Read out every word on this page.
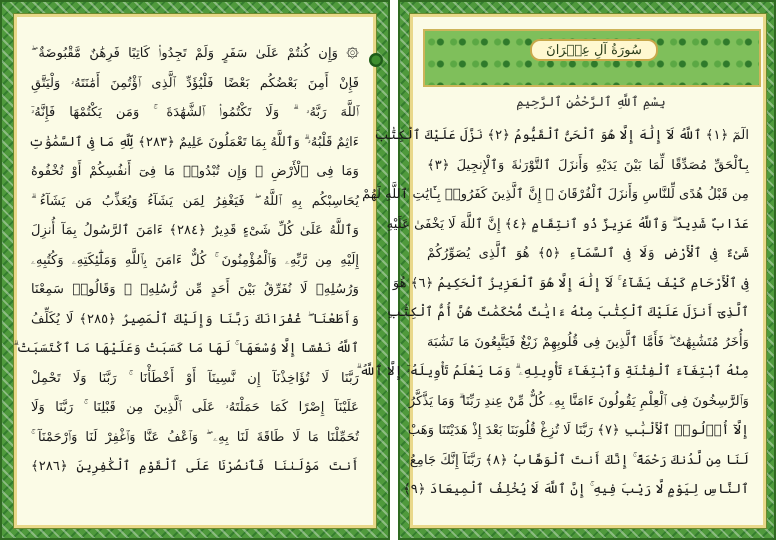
۞ وَإِن كُنتُمْ عَلَىٰ سَفَرٍ وَلَمْ تَجِدُوا۟ كَاتِبًا فَرِهَٰنٌ مَّقْبُوضَةٌ ۖ
فَإِنْ أَمِنَ بَعْضُكُم بَعْضًا فَلْيُؤَدِّ ٱلَّذِى ٱؤْتُمِنَ أَمَٰنَتَهُۥ وَلْيَتَّقِ
ٱللَّهَ رَبَّهُۥ ۗ وَلَا تَكْتُمُوا۟ ٱلشَّهَٰدَةَ ۚ وَمَن يَكْتُمْهَا فَإِنَّهُۥٓ
ءَاثِمٌ قَلْبُهُۥ ۗ وَٱللَّهُ بِمَا تَعْمَلُونَ عَلِيمٌ ﴿٢٨٣﴾ لِّلَّهِ مَا فِى ٱلسَّمَٰوَٰتِ
وَمَا فِى ٱلْأَرْضِ ۗ وَإِن تُبْدُوا۟ مَا فِىٓ أَنفُسِكُمْ أَوْ تُخْفُوهُ
يُحَاسِبْكُم بِهِ ٱللَّهُ ۖ فَيَغْفِرُ لِمَن يَشَآءُ وَيُعَذِّبُ مَن يَشَآءُ ۗ
وَٱللَّهُ عَلَىٰ كُلِّ شَىْءٍ قَدِيرٌ ﴿٢٨٤﴾ ءَامَنَ ٱلرَّسُولُ بِمَآ أُنزِلَ
إِلَيْهِ مِن رَّبِّهِۦ وَٱلْمُؤْمِنُونَ ۚ كُلٌّ ءَامَنَ بِٱللَّهِ وَمَلَٰٓئِكَتِهِۦ وَكُتُبِهِۦ
وَرُسُلِهِۦ لَا نُفَرِّقُ بَيْنَ أَحَدٍ مِّن رُّسُلِهِۦ ۚ وَقَالُوا۟ سَمِعْنَا
وَأَطَعْنَا ۖ غُفْرَانَكَ رَبَّنَا وَإِلَيْكَ ٱلْمَصِيرُ ﴿٢٨٥﴾ لَا يُكَلِّفُ
ٱللَّهُ نَفْسًا إِلَّا وُسْعَهَا ۚ لَهَا مَا كَسَبَتْ وَعَلَيْهَا مَا ٱكْتَسَبَتْ ۗ
رَبَّنَا لَا تُؤَاخِذْنَآ إِن نَّسِينَآ أَوْ أَخْطَأْنَا ۚ رَبَّنَا وَلَا تَحْمِلْ
عَلَيْنَآ إِصْرًا كَمَا حَمَلْتَهُۥ عَلَى ٱلَّذِينَ مِن قَبْلِنَا ۚ رَبَّنَا وَلَا
تُحَمِّلْنَا مَا لَا طَاقَةَ لَنَا بِهِۦ ۖ وَٱعْفُ عَنَّا وَٱغْفِرْ لَنَا وَٱرْحَمْنَآ ۚ
أَنتَ مَوْلَىٰنَا فَٱنصُرْنَا عَلَى ٱلْقَوْمِ ٱلْكَٰفِرِينَ ﴿٢٨٦﴾
سُورَةُ آلِ عِمۡرَانَ
بِسْمِ ٱللَّهِ ٱلرَّحْمَٰنِ ٱلرَّحِيمِ
الٓمٓ ﴿١﴾ ٱللَّهُ لَآ إِلَٰهَ إِلَّا هُوَ ٱلْحَىُّ ٱلْقَيُّومُ ﴿٢﴾ نَزَّلَ عَلَيْكَ ٱلْكِتَٰبَ
بِٱلْحَقِّ مُصَدِّقًا لِّمَا بَيْنَ يَدَيْهِ وَأَنزَلَ ٱلتَّوْرَىٰةَ وَٱلْإِنجِيلَ ﴿٣﴾
مِن قَبْلُ هُدًى لِّلنَّاسِ وَأَنزَلَ ٱلْفُرْقَانَ ۗ إِنَّ ٱلَّذِينَ كَفَرُوا۟ بِـَٔايَٰتِ ٱللَّهِ لَهُمْ
عَذَابٌ شَدِيدٌ ۗ وَٱللَّهُ عَزِيزٌ ذُو ٱنتِقَامٍ ﴿٤﴾ إِنَّ ٱللَّهَ لَا يَخْفَىٰ عَلَيْهِ
شَىْءٌ فِى ٱلْأَرْضِ وَلَا فِى ٱلسَّمَآءِ ﴿٥﴾ هُوَ ٱلَّذِى يُصَوِّرُكُمْ
فِى ٱلْأَرْحَامِ كَيْفَ يَشَآءُ ۚ لَآ إِلَٰهَ إِلَّا هُوَ ٱلْعَزِيزُ ٱلْحَكِيمُ ﴿٦﴾ هُوَ
ٱلَّذِىٓ أَنزَلَ عَلَيْكَ ٱلْكِتَٰبَ مِنْهُ ءَايَٰتٌ مُّحْكَمَٰتٌ هُنَّ أُمُّ ٱلْكِتَٰبِ
وَأُخَرُ مُتَشَٰبِهَٰتٌ ۖ فَأَمَّا ٱلَّذِينَ فِى قُلُوبِهِمْ زَيْغٌ فَيَتَّبِعُونَ مَا تَشَٰبَهَ
مِنْهُ ٱبْتِغَآءَ ٱلْفِتْنَةِ وَٱبْتِغَآءَ تَأْوِيلِهِۦ ۗ وَمَا يَعْلَمُ تَأْوِيلَهُۥٓ إِلَّا ٱللَّهُ ۗ
وَٱلرَّٰسِخُونَ فِى ٱلْعِلْمِ يَقُولُونَ ءَامَنَّا بِهِۦ كُلٌّ مِّنْ عِندِ رَبِّنَا ۗ وَمَا يَذَّكَّرُ
إِلَّآ أُو۟لُوا۟ ٱلْأَلْبَٰبِ ﴿٧﴾ رَبَّنَا لَا تُزِغْ قُلُوبَنَا بَعْدَ إِذْ هَدَيْتَنَا وَهَبْ
لَنَا مِن لَّدُنكَ رَحْمَةً ۚ إِنَّكَ أَنتَ ٱلْوَهَّابُ ﴿٨﴾ رَبَّنَآ إِنَّكَ جَامِعُ
ٱلنَّاسِ لِيَوْمٍ لَّا رَيْبَ فِيهِ ۚ إِنَّ ٱللَّهَ لَا يُخْلِفُ ٱلْمِيعَادَ ﴿٩﴾
